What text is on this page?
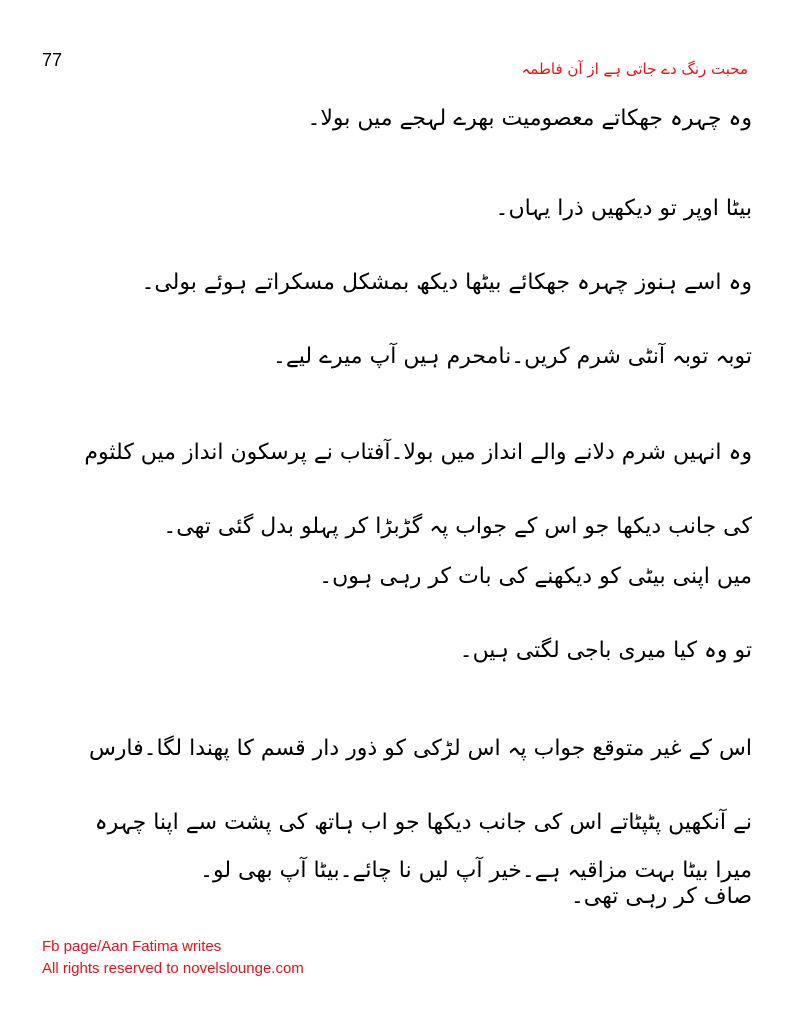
77	محبت رنگ دے جاتی ہے از آن فاطمہ

وہ چہرہ جھکاتے معصومیت بھرے لہجے میں بولا۔

بیٹا اوپر تو دیکھیں ذرا یہاں۔

وہ اسے ہنوز چہرہ جھکائے بیٹھا دیکھ بمشکل مسکراتے ہوئے بولی۔

توبہ توبہ آنٹی شرم کریں۔نامحرم ہیں آپ میرے لیے۔

وہ انہیں شرم دلانے والے انداز میں بولا۔آفتاب نے پرسکون انداز میں کلثوم کی جانب دیکھا جو اس کے جواب پہ گڑبڑا کر پہلو بدل گئی تھی۔

میں اپنی بیٹی کو دیکھنے کی بات کر رہی ہوں۔

تو وہ کیا میری باجی لگتی ہیں۔

اس کے غیر متوقع جواب پہ اس لڑکی کو ذور دار قسم کا پھندا لگا۔فارس نے آنکھیں پٹپٹاتے اس کی جانب دیکھا جو اب ہاتھ کی پشت سے اپنا چہرہ صاف کر رہی تھی۔

میرا بیٹا بہت مزاقیہ ہے۔خیر آپ لیں نا چائے۔بیٹا آپ بھی لو۔

Fb page/Aan Fatima writes
All rights reserved to novelslounge.com
